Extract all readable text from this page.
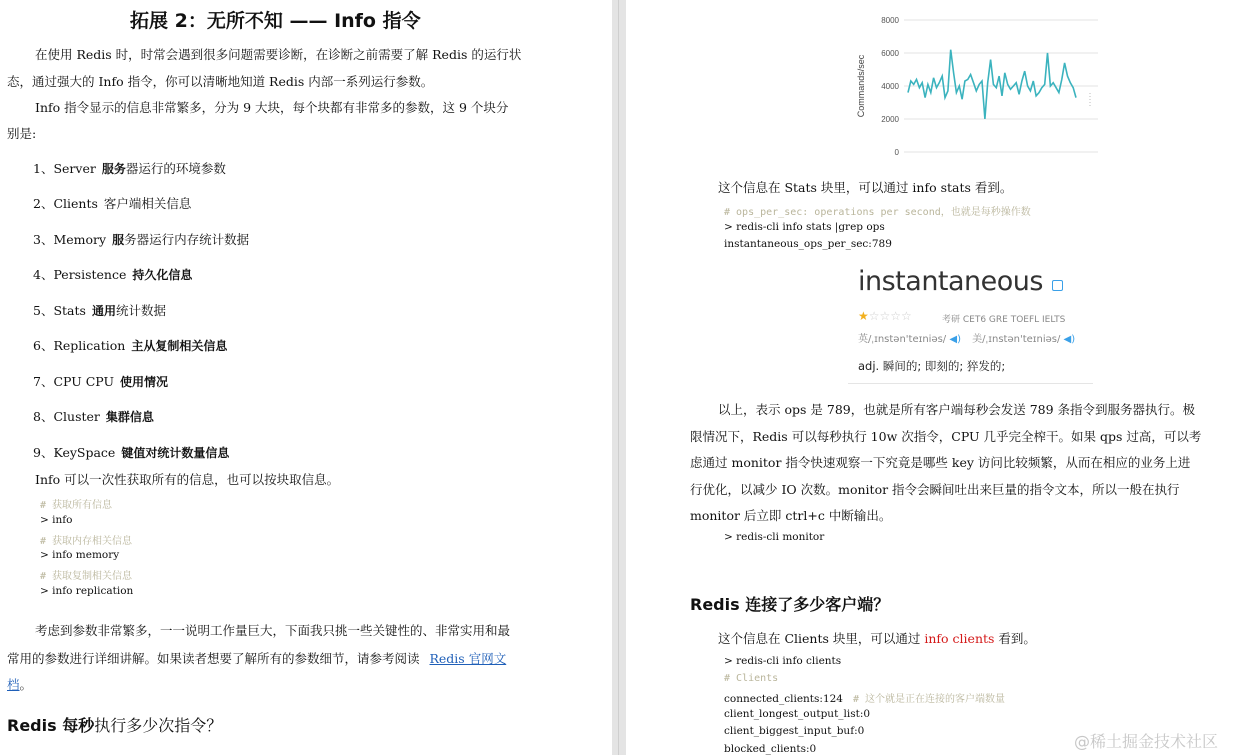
拓展 2：无所不知 —— Info 指令
在使用 Redis 时，时常会遇到很多问题需要诊断，在诊断之前需要了解 Redis 的运行状
态，通过强大的 Info 指令，你可以清晰地知道 Redis 内部一系列运行参数。
Info 指令显示的信息非常繁多，分为 9 大块，每个块都有非常多的参数，这 9 个块分
别是:
1、Server 服务器运行的环境参数
2、Clients 客户端相关信息
3、Memory 服务器运行内存统计数据
4、Persistence 持久化信息
5、Stats 通用统计数据
6、Replication 主从复制相关信息
7、CPU CPU 使用情况
8、Cluster 集群信息
9、KeySpace 键值对统计数量信息
Info 可以一次性获取所有的信息，也可以按块取信息。
# 获取所有信息
> info
# 获取内存相关信息
> info memory
# 获取复制相关信息
> info replication
考虑到参数非常繁多，一一说明工作量巨大，下面我只挑一些关键性的、非常实用和最
常用的参数进行详细讲解。如果读者想要了解所有的参数细节，请参考阅读 Redis 官网文
档。
Redis 每秒执行多少次指令？
0
2000
4000
6000
8000
Commands/sec
这个信息在 Stats 块里，可以通过 info stats 看到。
# ops_per_sec: operations per second，也就是每秒操作数
> redis-cli info stats |grep ops
instantaneous_ops_per_sec:789
instantaneous
★☆☆☆☆	考研 CET6 GRE TOEFL IELTS
英/ˌɪnstən'teɪniəs/ ◀) 美/ˌɪnstən'teɪniəs/ ◀)
adj. 瞬间的; 即刻的; 猝发的;
以上，表示 ops 是 789，也就是所有客户端每秒会发送 789 条指令到服务器执行。极
限情况下，Redis 可以每秒执行 10w 次指令，CPU 几乎完全榨干。如果 qps 过高，可以考
虑通过 monitor 指令快速观察一下究竟是哪些 key 访问比较频繁，从而在相应的业务上进
行优化，以减少 IO 次数。monitor 指令会瞬间吐出来巨量的指令文本，所以一般在执行
monitor 后立即 ctrl+c 中断输出。
> redis-cli monitor
Redis 连接了多少客户端？
这个信息在 Clients 块里，可以通过 info clients 看到。
> redis-cli info clients
# Clients
connected_clients:124 # 这个就是正在连接的客户端数量
client_longest_output_list:0
client_biggest_input_buf:0
blocked_clients:0	@稀土掘金技术社区
